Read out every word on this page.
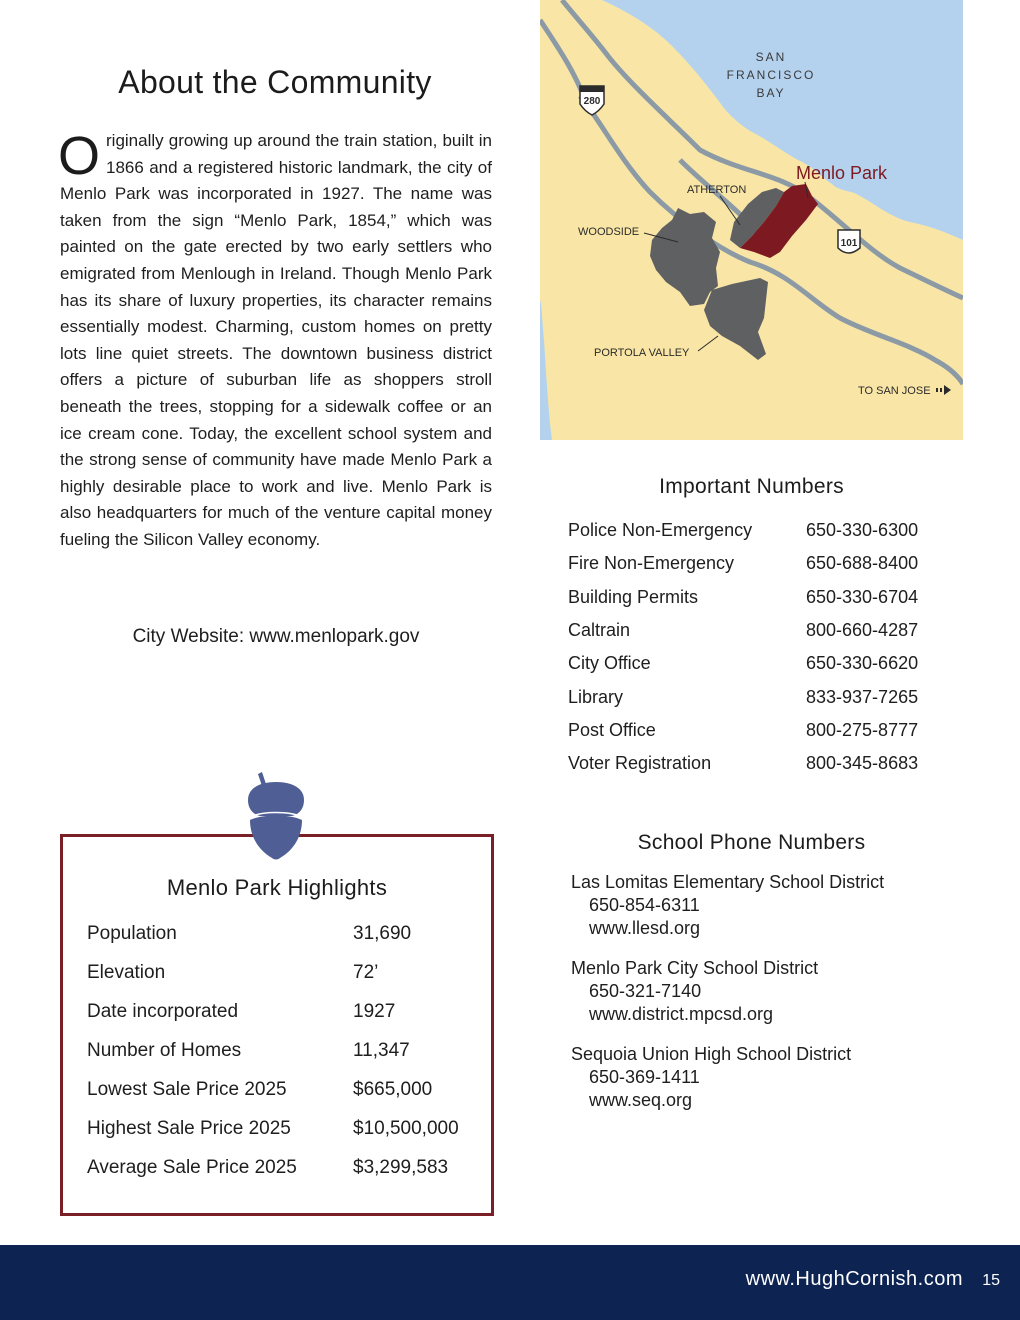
About the Community

Originally growing up around the train station, built in 1866 and a registered historic landmark, the city of Menlo Park was incorporated in 1927. The name was taken from the sign “Menlo Park, 1854,” which was painted on the gate erected by two early settlers who emigrated from Menlough in Ireland. Though Menlo Park has its share of luxury properties, its character remains essentially modest. Charming, custom homes on pretty lots line quiet streets. The downtown business district offers a picture of suburban life as shoppers stroll beneath the trees, stopping for a sidewalk coffee or an ice cream cone. Today, the excellent school system and the strong sense of community have made Menlo Park a highly desirable place to work and live. Menlo Park is also headquarters for much of the venture capital money fueling the Silicon Valley economy.

City Website: www.menlopark.gov
280
101
SAN
FRANCISCO
BAY
Menlo Park
ATHERTON
WOODSIDE
PORTOLA VALLEY
TO SAN JOSE
Important Numbers
Police Non-Emergency	650-330-6300
Fire Non-Emergency	650-688-8400
Building Permits	650-330-6704
Caltrain	800-660-4287
City Office	650-330-6620
Library	833-937-7265
Post Office	800-275-8777
Voter Registration	800-345-8683
School Phone Numbers
Las Lomitas Elementary School District
650-854-6311
www.llesd.org
Menlo Park City School District
650-321-7140
www.district.mpcsd.org
Sequoia Union High School District
650-369-1411
www.seq.org
Menlo Park Highlights
Population	31,690
Elevation	72’
Date incorporated	1927
Number of Homes	11,347
Lowest Sale Price 2025	$665,000
Highest Sale Price 2025	$10,500,000
Average Sale Price 2025	$3,299,583
www.HughCornish.com 15
